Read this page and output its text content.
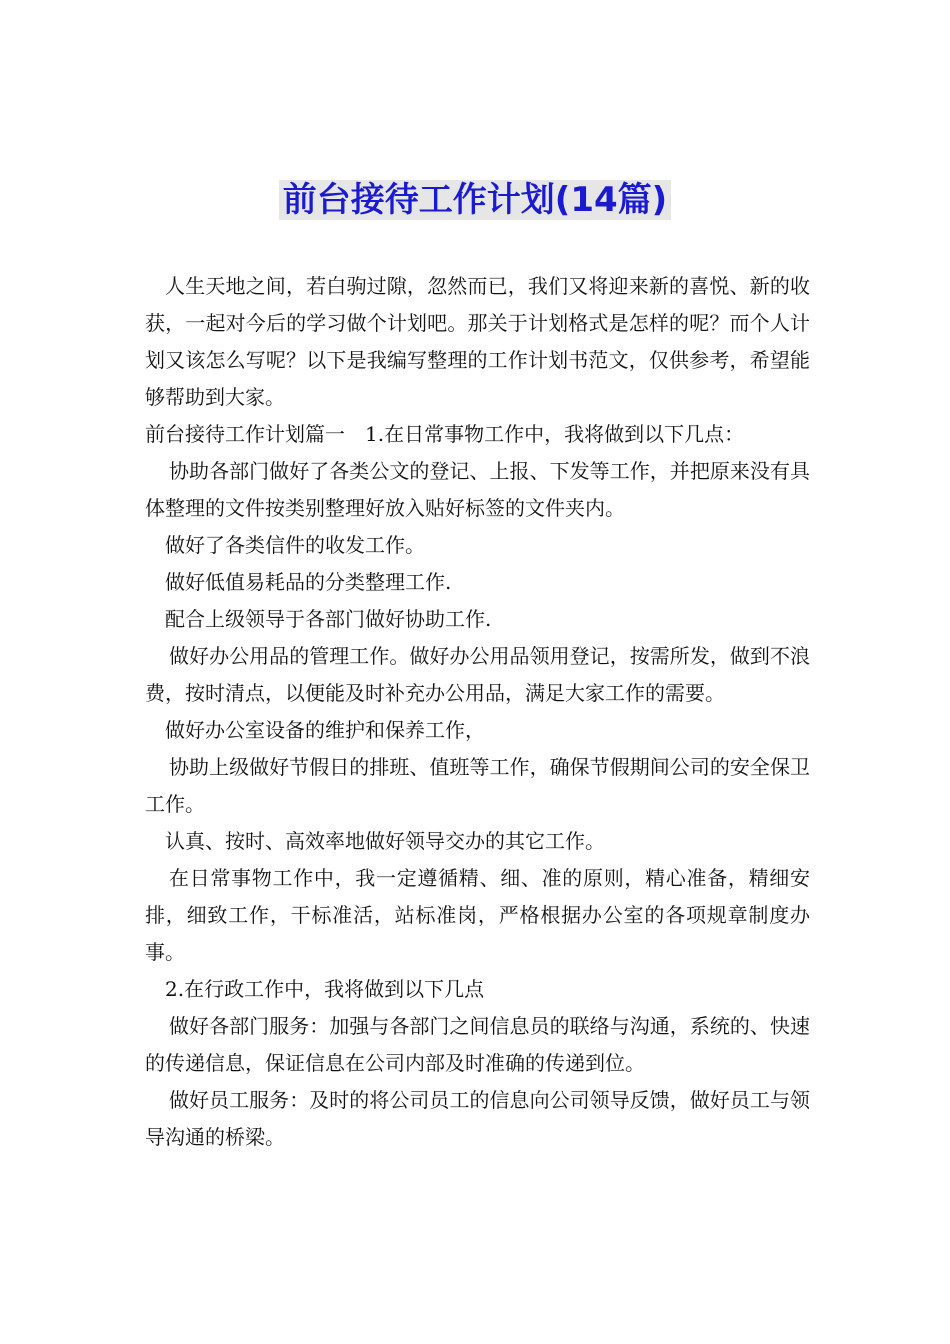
前台接待工作计划(14篇)

人生天地之间，若白驹过隙，忽然而已，我们又将迎来新的喜悦、新的收获，一起对今后的学习做个计划吧。那关于计划格式是怎样的呢？而个人计划又该怎么写呢？以下是我编写整理的工作计划书范文，仅供参考，希望能够帮助到大家。

前台接待工作计划篇一　1.在日常事物工作中，我将做到以下几点：

协助各部门做好了各类公文的登记、上报、下发等工作，并把原来没有具体整理的文件按类别整理好放入贴好标签的文件夹内。

做好了各类信件的收发工作。

做好低值易耗品的分类整理工作.

配合上级领导于各部门做好协助工作.

做好办公用品的管理工作。做好办公用品领用登记，按需所发，做到不浪费，按时清点，以便能及时补充办公用品，满足大家工作的需要。

做好办公室设备的维护和保养工作，

协助上级做好节假日的排班、值班等工作，确保节假期间公司的安全保卫工作。

认真、按时、高效率地做好领导交办的其它工作。

在日常事物工作中，我一定遵循精、细、准的原则，精心准备，精细安排，细致工作，干标准活，站标准岗，严格根据办公室的各项规章制度办事。

2.在行政工作中，我将做到以下几点

做好各部门服务：加强与各部门之间信息员的联络与沟通，系统的、快速的传递信息，保证信息在公司内部及时准确的传递到位。

做好员工服务：及时的将公司员工的信息向公司领导反馈，做好员工与领导沟通的桥梁。
